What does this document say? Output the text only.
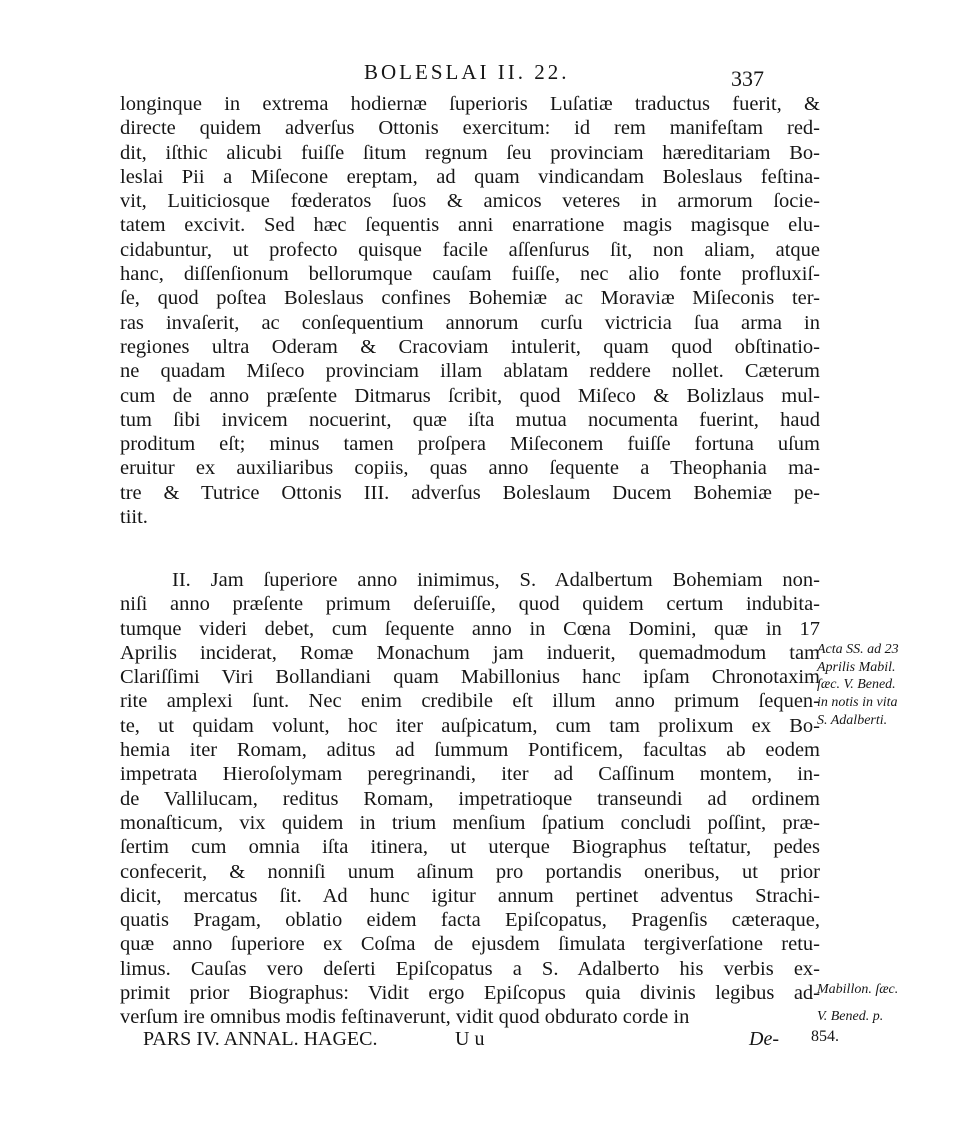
BOLESLAI II. 22.	337
longinque in extrema hodiernæ ſuperioris Luſatiæ traductus fuerit, &
directe quidem adverſus Ottonis exercitum: id rem manifeſtam red-
dit, iſthic alicubi fuiſſe ſitum regnum ſeu provinciam hæreditariam Bo-
leslai Pii a Miſecone ereptam, ad quam vindicandam Boleslaus feſtina-
vit, Luiticiosque fœderatos ſuos & amicos veteres in armorum ſocie-
tatem excivit. Sed hæc ſequentis anni enarratione magis magisque elu-
cidabuntur, ut profecto quisque facile aſſenſurus ſit, non aliam, atque
hanc, diſſenſionum bellorumque cauſam fuiſſe, nec alio fonte profluxiſ-
ſe, quod poſtea Boleslaus confines Bohemiæ ac Moraviæ Miſeconis ter-
ras invaſerit, ac conſequentium annorum curſu victricia ſua arma in
regiones ultra Oderam & Cracoviam intulerit, quam quod obſtinatio-
ne quadam Miſeco provinciam illam ablatam reddere nollet. Cæterum
cum de anno præſente Ditmarus ſcribit, quod Miſeco & Bolizlaus mul-
tum ſibi invicem nocuerint, quæ iſta mutua nocumenta fuerint, haud
proditum eſt; minus tamen proſpera Miſeconem fuiſſe fortuna uſum
eruitur ex auxiliaribus copiis, quas anno ſequente a Theophania ma-
tre & Tutrice Ottonis III. adverſus Boleslaum Ducem Bohemiæ pe-
tiit.
II. Jam ſuperiore anno inimimus, S. Adalbertum Bohemiam non-
niſi anno præſente primum deſeruiſſe, quod quidem certum indubita-
tumque videri debet, cum ſequente anno in Cœna Domini, quæ in 17
Aprilis inciderat, Romæ Monachum jam induerit, quemadmodum tam
Clariſſimi Viri Bollandiani quam Mabillonius hanc ipſam Chronotaxim
rite amplexi ſunt. Nec enim credibile eſt illum anno primum ſequen-
te, ut quidam volunt, hoc iter auſpicatum, cum tam prolixum ex Bo-
hemia iter Romam, aditus ad ſummum Pontificem, facultas ab eodem
impetrata Hieroſolymam peregrinandi, iter ad Caſſinum montem, in-
de Vallilucam, reditus Romam, impetratioque transeundi ad ordinem
monaſticum, vix quidem in trium menſium ſpatium concludi poſſint, præ-
ſertim cum omnia iſta itinera, ut uterque Biographus teſtatur, pedes
confecerit, & nonniſi unum aſinum pro portandis oneribus, ut prior
dicit, mercatus ſit. Ad hunc igitur annum pertinet adventus Strachi-
quatis Pragam, oblatio eidem facta Epiſcopatus, Pragenſis cæteraque,
quæ anno ſuperiore ex Coſma de ejusdem ſimulata tergiverſatione retu-
limus. Cauſas vero deſerti Epiſcopatus a S. Adalberto his verbis ex-
primit prior Biographus: Vidit ergo Epiſcopus quia divinis legibus ad-
verſum ire omnibus modis feſtinaverunt, vidit quod obdurato corde in
Acta SS. ad 23
Aprilis Mabil.
ſæc. V. Bened.
in notis in vita
S. Adalberti.
Mabillon. ſæc.
V. Bened. p.
PARS IV. ANNAL. HAGEC.	U u	De- 854.
